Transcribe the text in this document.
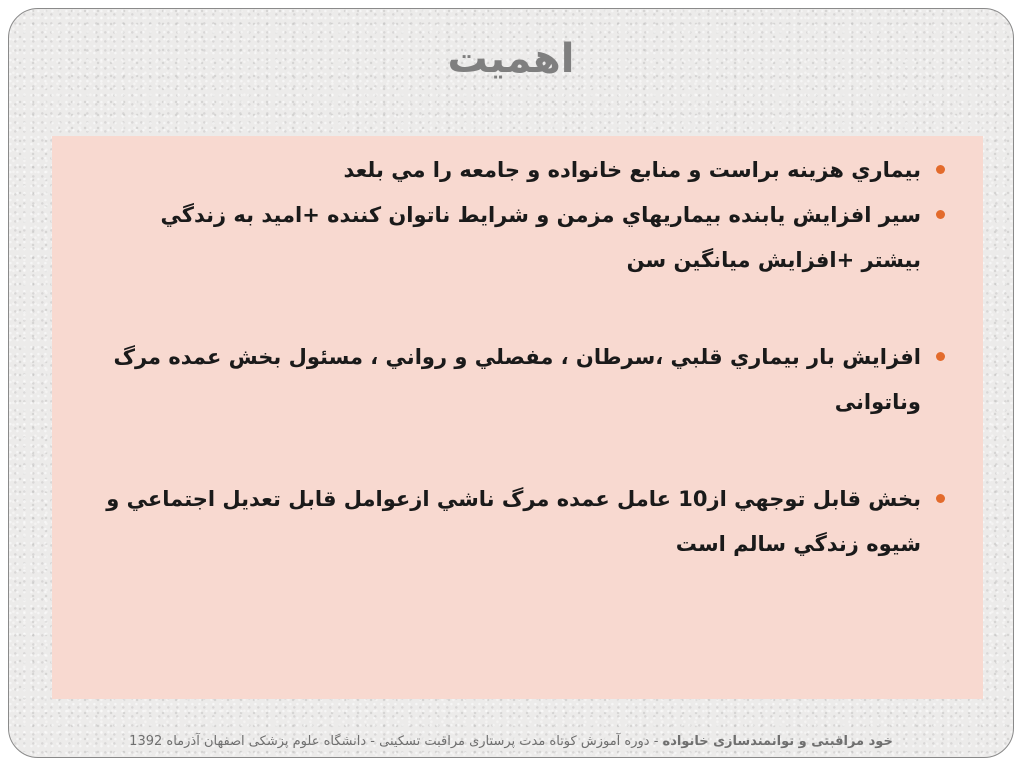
اهميت
بيماري هزينه براست و منابع خانواده و جامعه را مي بلعد
سير افزايش يابنده بيماريهاي مزمن و شرايط ناتوان كننده +اميد به زندگي بيشتر +افزايش ميانگين سن
افزايش بار بيماري قلبي ،سرطان ، مفصلي و رواني ، مسئول بخش عمده مرگ وناتوانی
بخش قابل توجهي از10 عامل عمده مرگ ناشي ازعوامل قابل تعديل اجتماعي و شيوه زندگي سالم است
خود مراقبتی و توانمندسازی خانواده - دوره آموزش کوتاه مدت پرستاری مراقبت تسکینی - دانشگاه علوم پزشکی اصفهان آذرماه 1392
